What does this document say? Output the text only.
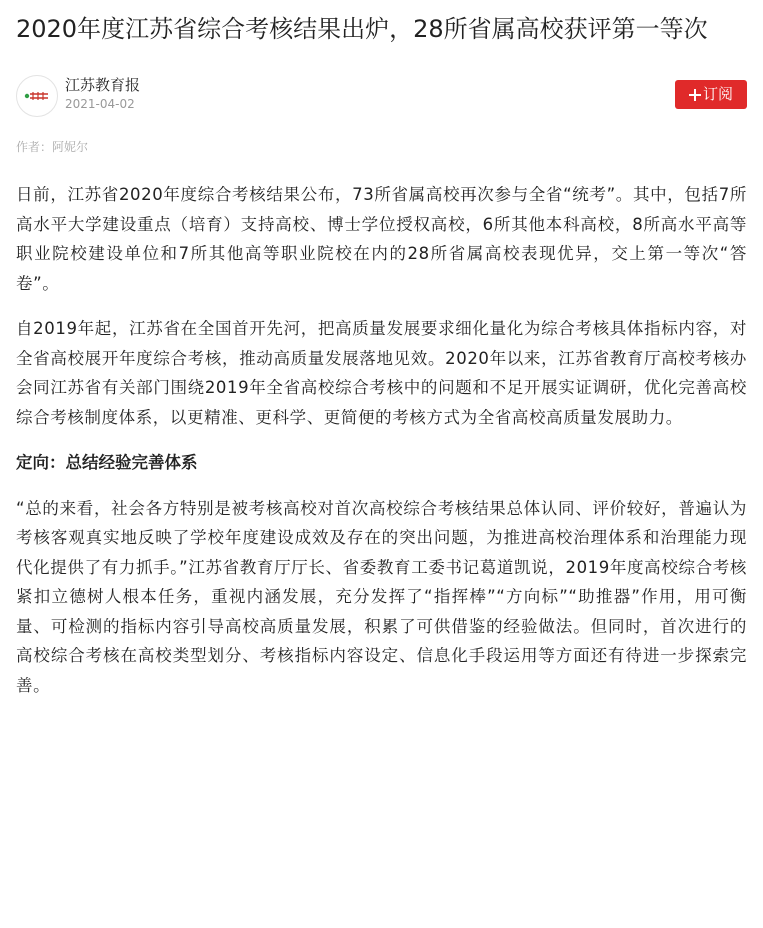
2020年度江苏省综合考核结果出炉，28所省属高校获评第一等次
江苏教育报
2021-04-02
订阅
作者：阿妮尔

日前，江苏省2020年度综合考核结果公布，73所省属高校再次参与全省“统考”。其中，包括7所高水平大学建设重点（培育）支持高校、博士学位授权高校，6所其他本科高校，8所高水平高等职业院校建设单位和7所其他高等职业院校在内的28所省属高校表现优异，交上第一等次“答卷”。

自2019年起，江苏省在全国首开先河，把高质量发展要求细化量化为综合考核具体指标内容，对全省高校展开年度综合考核，推动高质量发展落地见效。2020年以来，江苏省教育厅高校考核办会同江苏省有关部门围绕2019年全省高校综合考核中的问题和不足开展实证调研，优化完善高校综合考核制度体系，以更精准、更科学、更简便的考核方式为全省高校高质量发展助力。

定向：总结经验完善体系

“总的来看，社会各方特别是被考核高校对首次高校综合考核结果总体认同、评价较好，普遍认为考核客观真实地反映了学校年度建设成效及存在的突出问题，为推进高校治理体系和治理能力现代化提供了有力抓手。”江苏省教育厅厅长、省委教育工委书记葛道凯说，2019年度高校综合考核紧扣立德树人根本任务，重视内涵发展，充分发挥了“指挥棒”“方向标”“助推器”作用，用可衡量、可检测的指标内容引导高校高质量发展，积累了可供借鉴的经验做法。但同时，首次进行的高校综合考核在高校类型划分、考核指标内容设定、信息化手段运用等方面还有待进一步探索完善。
